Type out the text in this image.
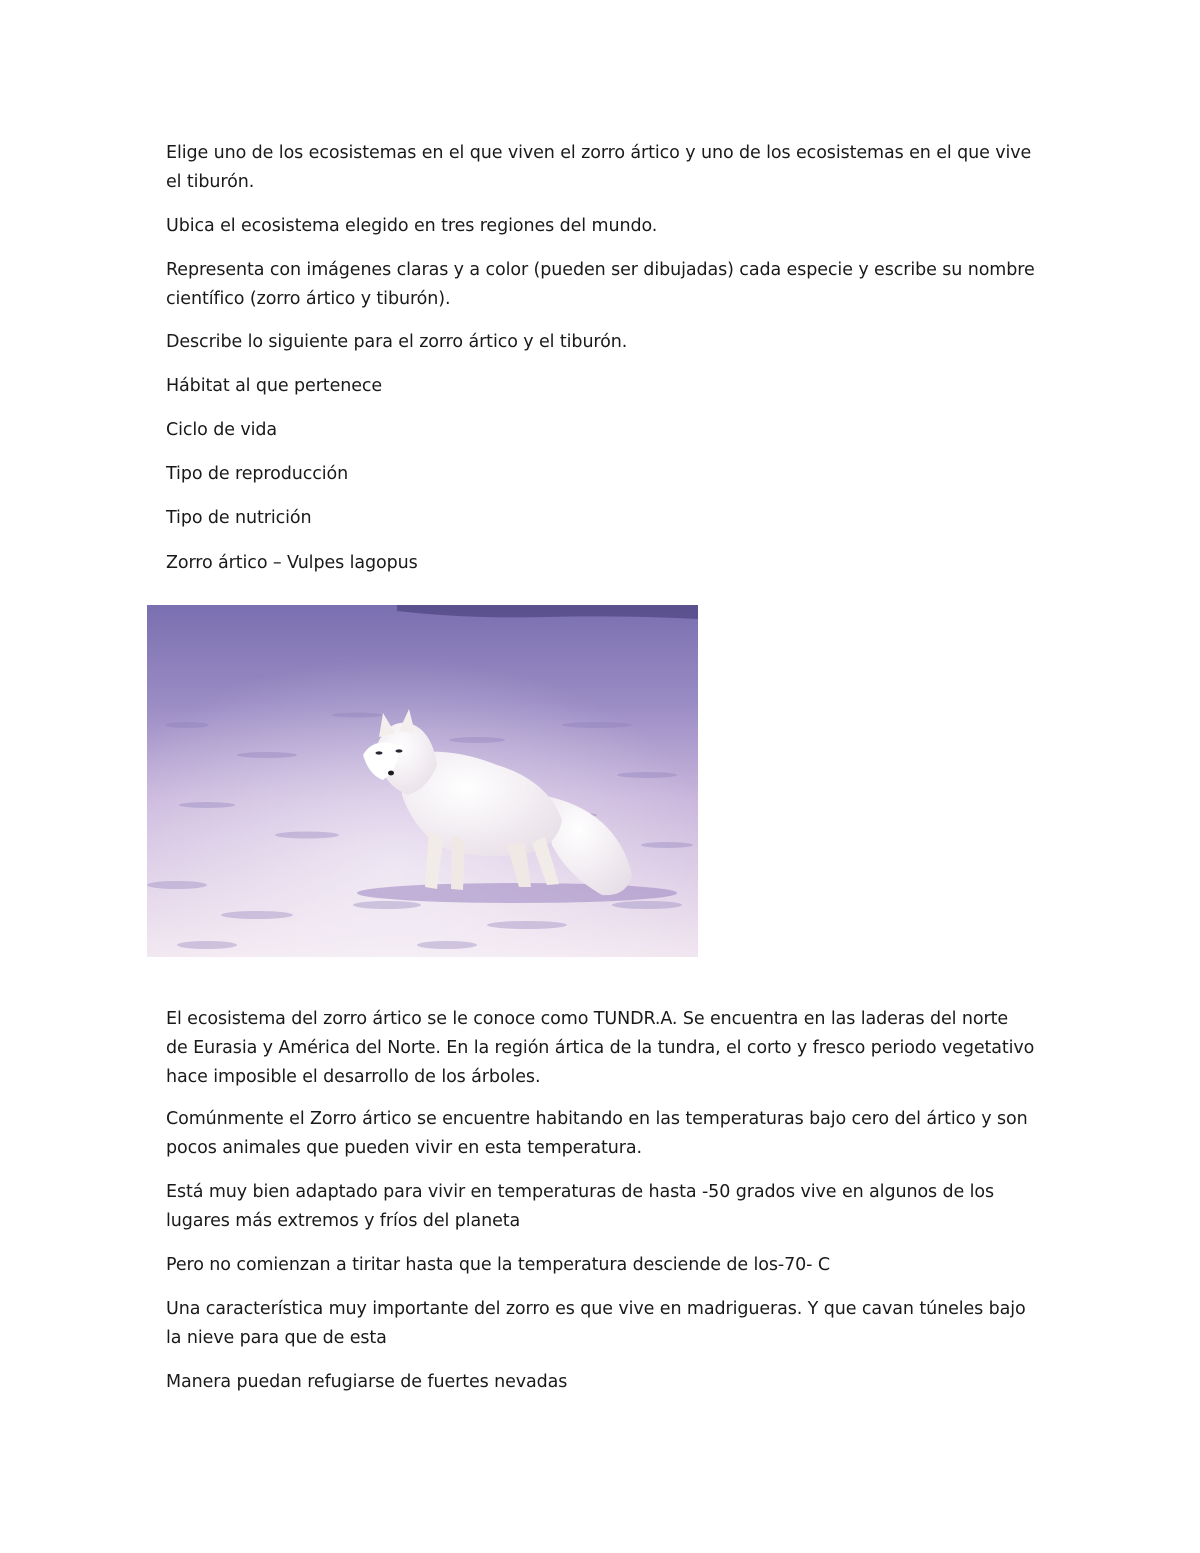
Elige uno de los ecosistemas en el que viven el zorro ártico y uno de los ecosistemas en el que vive
el tiburón.

Ubica el ecosistema elegido en tres regiones del mundo.

Representa con imágenes claras y a color (pueden ser dibujadas) cada especie y escribe su nombre
científico (zorro ártico y tiburón).

Describe lo siguiente para el zorro ártico y el tiburón.

Hábitat al que pertenece

Ciclo de vida

Tipo de reproducción

Tipo de nutrición

Zorro ártico – Vulpes lagopus

El ecosistema del zorro ártico se le conoce como TUNDR.A. Se encuentra en las laderas del norte
de Eurasia y América del Norte. En la región ártica de la tundra, el corto y fresco periodo vegetativo
hace imposible el desarrollo de los árboles.

Comúnmente el Zorro ártico se encuentre habitando en las temperaturas bajo cero del ártico y son
pocos animales que pueden vivir en esta temperatura.

Está muy bien adaptado para vivir en temperaturas de hasta -50 grados vive en algunos de los
lugares más extremos y fríos del planeta

Pero no comienzan a tiritar hasta que la temperatura desciende de los-70- C

Una característica muy importante del zorro es que vive en madrigueras. Y que cavan túneles bajo
la nieve para que de esta

Manera puedan refugiarse de fuertes nevadas
